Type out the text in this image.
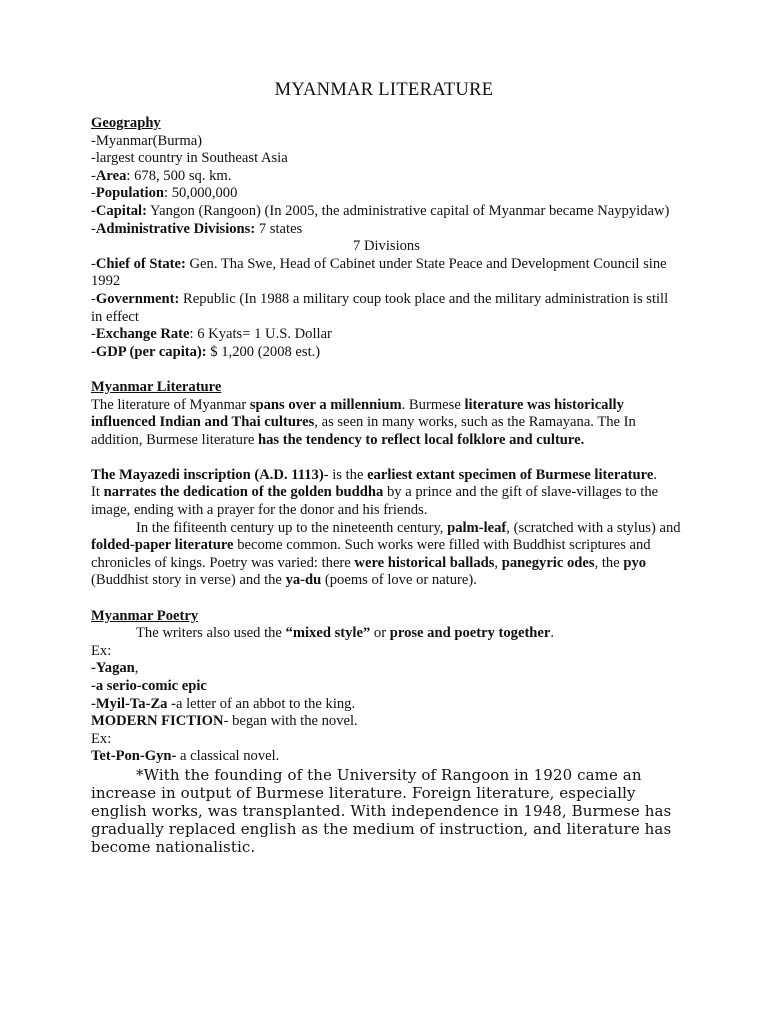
MYANMAR LITERATURE
Geography
-Myanmar(Burma)
-largest country in Southeast Asia
-Area: 678, 500 sq. km.
-Population: 50,000,000
-Capital: Yangon (Rangoon) (In 2005, the administrative capital of Myanmar became Naypyidaw)
-Administrative Divisions: 7 states
7 Divisions
-Chief of State: Gen. Tha Swe, Head of Cabinet under State Peace and Development Council sine 1992
-Government: Republic (In 1988 a military coup took place and the military administration is still in effect
-Exchange Rate: 6 Kyats= 1 U.S. Dollar
-GDP (per capita): $ 1,200 (2008 est.)
Myanmar Literature
The literature of Myanmar spans over a millennium. Burmese literature was historically influenced Indian and Thai cultures, as seen in many works, such as the Ramayana. The In addition, Burmese literature has the tendency to reflect local folklore and culture.
The Mayazedi inscription (A.D. 1113)- is the earliest extant specimen of Burmese literature.
It narrates the dedication of the golden buddha by a prince and the gift of slave-villages to the image, ending with a prayer for the donor and his friends.
In the fifiteenth century up to the nineteenth century, palm-leaf, (scratched with a stylus) and folded-paper literature become common. Such works were filled with Buddhist scriptures and chronicles of kings. Poetry was varied: there were historical ballads, panegyric odes, the pyo (Buddhist story in verse) and the ya-du (poems of love or nature).
Myanmar Poetry
The writers also used the “mixed style” or prose and poetry together.
Ex:
-Yagan,
-a serio-comic epic
-Myil-Ta-Za -a letter of an abbot to the king.
MODERN FICTION- began with the novel.
Ex:
Tet-Pon-Gyn- a classical novel.
*With the founding of the University of Rangoon in 1920 came an increase in output of Burmese literature. Foreign literature, especially english works, was transplanted. With independence in 1948, Burmese has gradually replaced english as the medium of instruction, and literature has become nationalistic.
